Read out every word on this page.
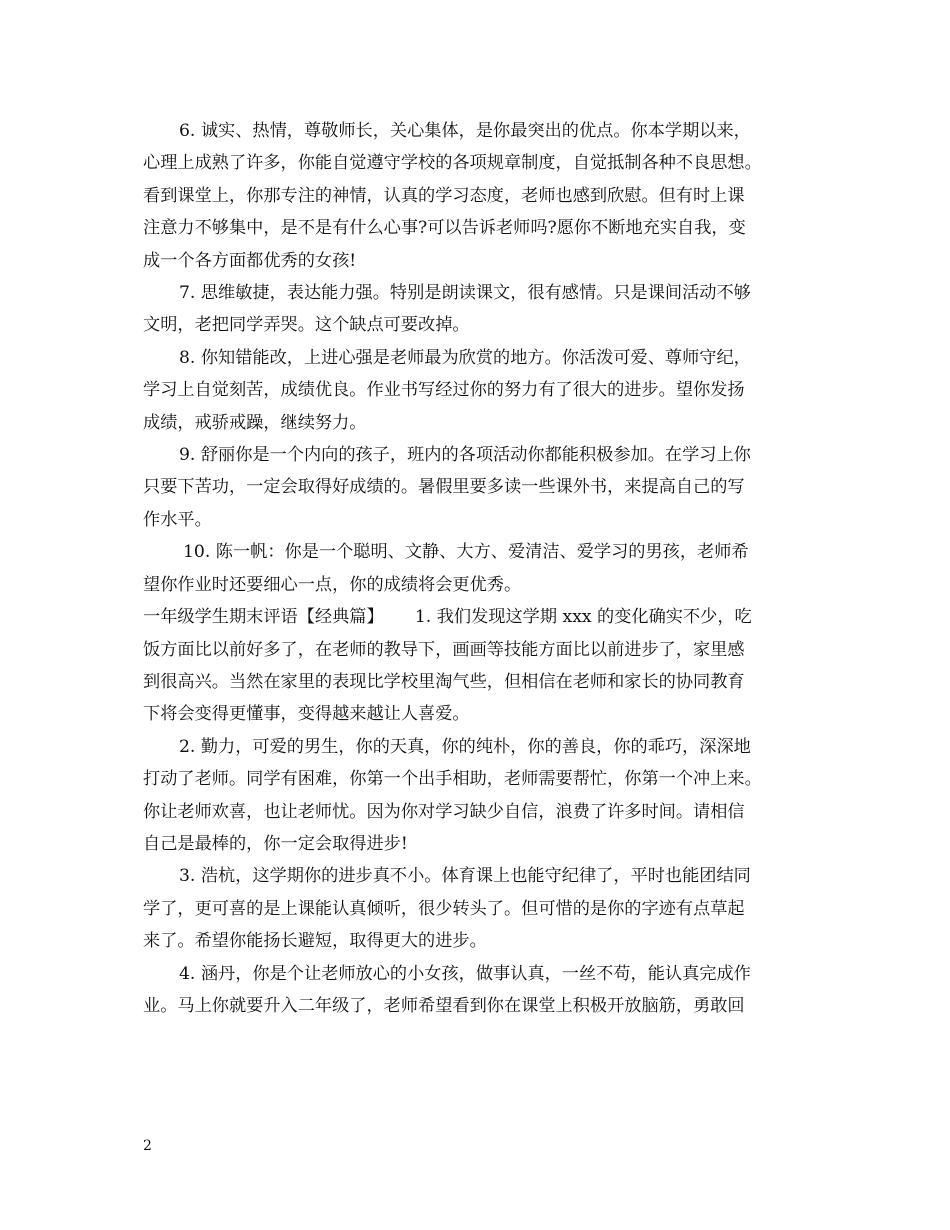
6. 诚实、热情，尊敬师长，关心集体，是你最突出的优点。你本学期以来，
心理上成熟了许多，你能自觉遵守学校的各项规章制度，自觉抵制各种不良思想。
看到课堂上，你那专注的神情，认真的学习态度，老师也感到欣慰。但有时上课
注意力不够集中，是不是有什么心事?可以告诉老师吗?愿你不断地充实自我，变
成一个各方面都优秀的女孩!
7. 思维敏捷，表达能力强。特别是朗读课文，很有感情。只是课间活动不够
文明，老把同学弄哭。这个缺点可要改掉。
8. 你知错能改，上进心强是老师最为欣赏的地方。你活泼可爱、尊师守纪，
学习上自觉刻苦，成绩优良。作业书写经过你的努力有了很大的进步。望你发扬
成绩，戒骄戒躁，继续努力。
9. 舒丽你是一个内向的孩子，班内的各项活动你都能积极参加。在学习上你
只要下苦功，一定会取得好成绩的。暑假里要多读一些课外书，来提高自己的写
作水平。
10. 陈一帆：你是一个聪明、文静、大方、爱清洁、爱学习的男孩，老师希
望你作业时还要细心一点，你的成绩将会更优秀。
一年级学生期末评语【经典篇】　　 1. 我们发现这学期 xxx 的变化确实不少，吃
饭方面比以前好多了，在老师的教导下，画画等技能方面比以前进步了，家里感
到很高兴。当然在家里的表现比学校里淘气些，但相信在老师和家长的协同教育
下将会变得更懂事，变得越来越让人喜爱。
2. 勤力，可爱的男生，你的天真，你的纯朴，你的善良，你的乖巧，深深地
打动了老师。同学有困难，你第一个出手相助，老师需要帮忙，你第一个冲上来。
你让老师欢喜，也让老师忧。因为你对学习缺少自信，浪费了许多时间。请相信
自己是最棒的，你一定会取得进步!
3. 浩杭，这学期你的进步真不小。体育课上也能守纪律了，平时也能团结同
学了，更可喜的是上课能认真倾听，很少转头了。但可惜的是你的字迹有点草起
来了。希望你能扬长避短，取得更大的进步。
4. 涵丹，你是个让老师放心的小女孩，做事认真，一丝不苟，能认真完成作
业。马上你就要升入二年级了，老师希望看到你在课堂上积极开放脑筋，勇敢回
2
